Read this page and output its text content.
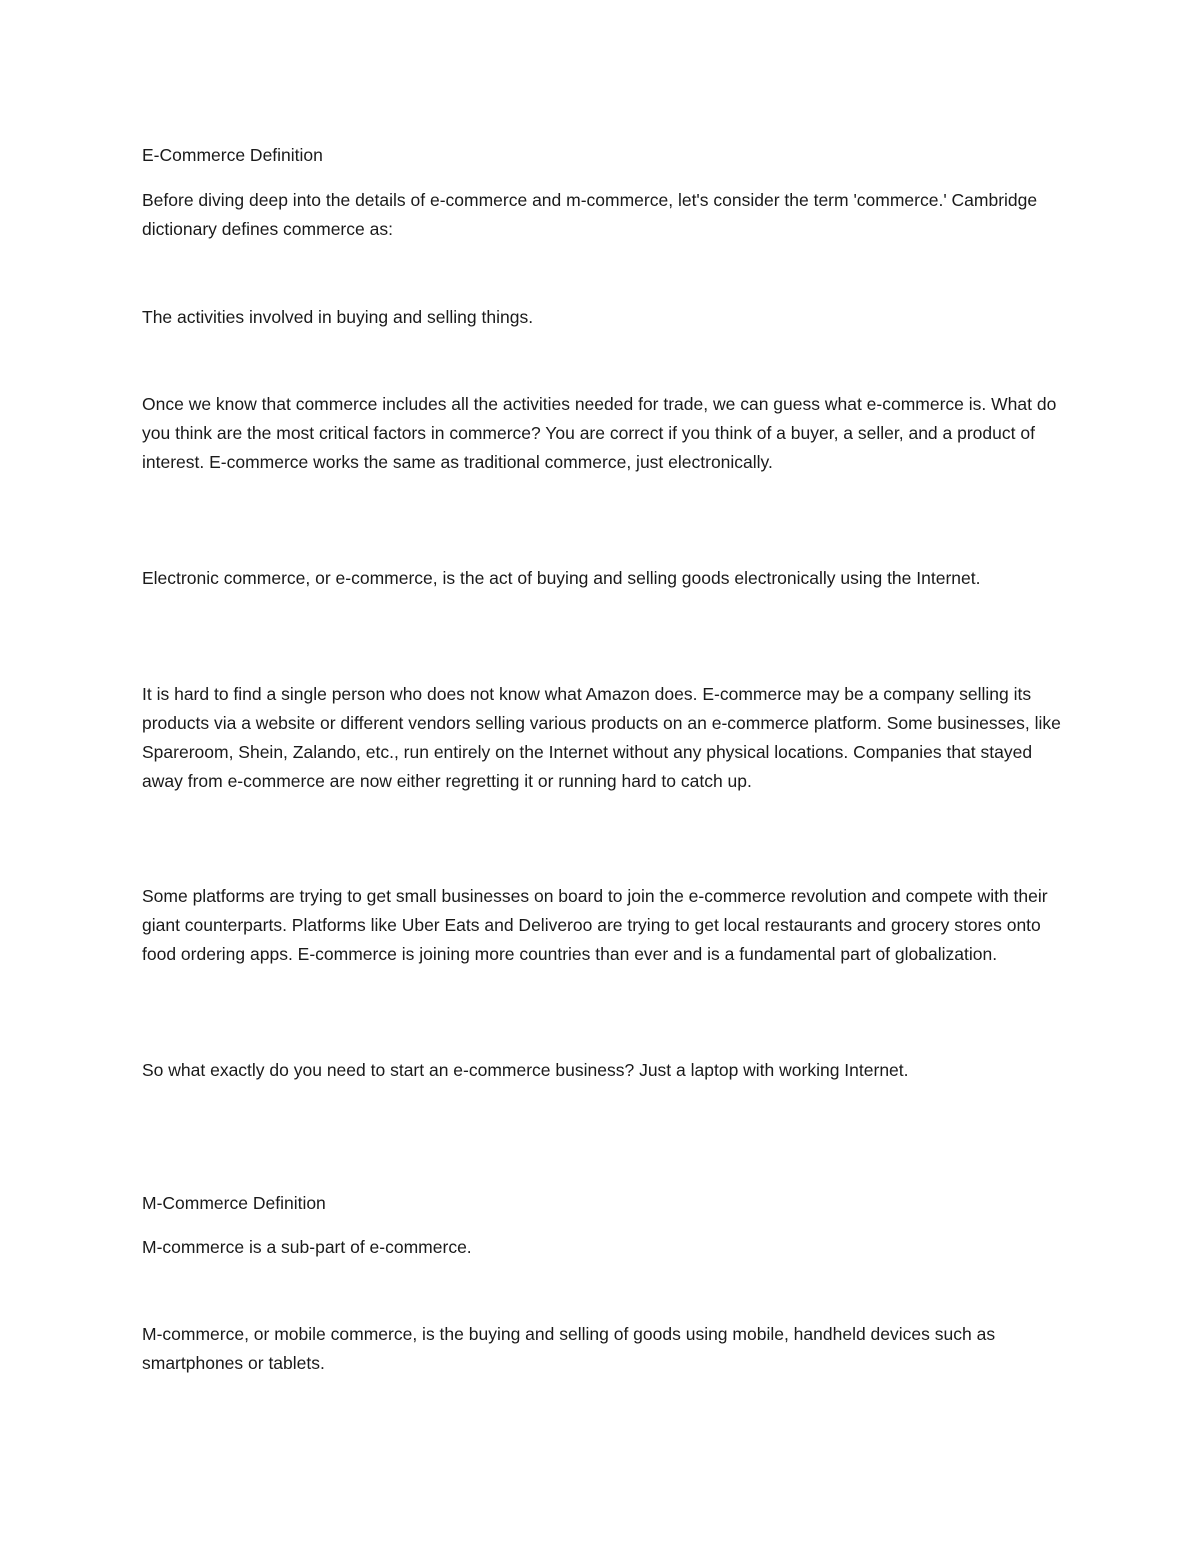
E-Commerce Definition

Before diving deep into the details of e-commerce and m-commerce, let's consider the term 'commerce.' Cambridge dictionary defines commerce as:

The activities involved in buying and selling things.

Once we know that commerce includes all the activities needed for trade, we can guess what e-commerce is. What do you think are the most critical factors in commerce? You are correct if you think of a buyer, a seller, and a product of interest. E-commerce works the same as traditional commerce, just electronically.

Electronic commerce, or e-commerce, is the act of buying and selling goods electronically using the Internet.

It is hard to find a single person who does not know what Amazon does. E-commerce may be a company selling its products via a website or different vendors selling various products on an e-commerce platform. Some businesses, like Spareroom, Shein, Zalando, etc., run entirely on the Internet without any physical locations. Companies that stayed away from e-commerce are now either regretting it or running hard to catch up.

Some platforms are trying to get small businesses on board to join the e-commerce revolution and compete with their giant counterparts. Platforms like Uber Eats and Deliveroo are trying to get local restaurants and grocery stores onto food ordering apps. E-commerce is joining more countries than ever and is a fundamental part of globalization.

So what exactly do you need to start an e-commerce business? Just a laptop with working Internet.

M-Commerce Definition

M-commerce is a sub-part of e-commerce.

M-commerce, or mobile commerce, is the buying and selling of goods using mobile, handheld devices such as smartphones or tablets.
